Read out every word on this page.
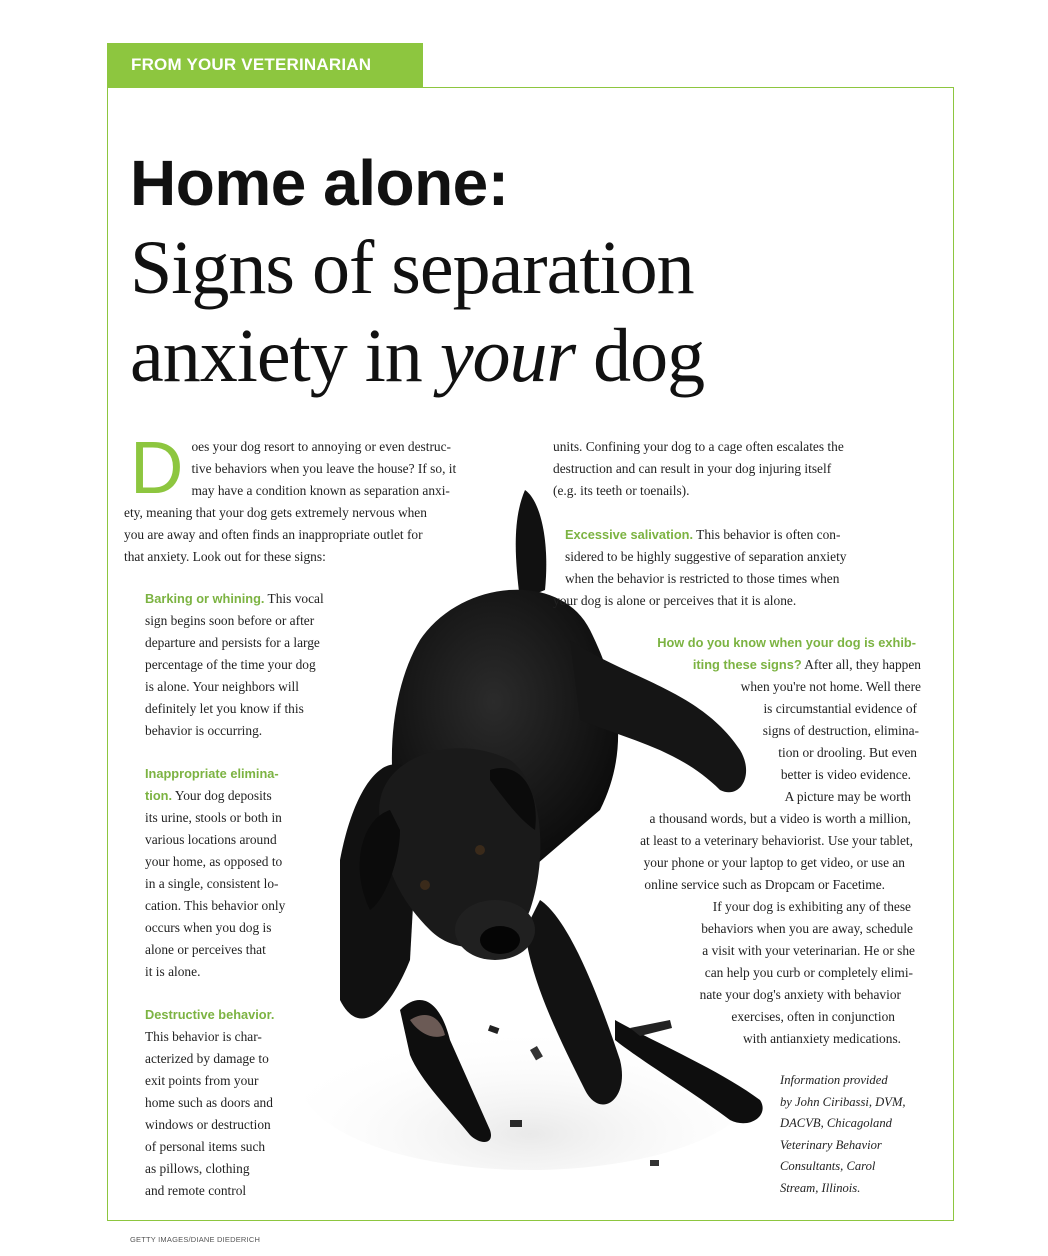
FROM YOUR VETERINARIAN
Home alone:
Signs of separation
anxiety in your dog
D oes your dog resort to annoying or even destruc-
tive behaviors when you leave the house? If so, it
may have a condition known as separation anxi-
ety, meaning that your dog gets extremely nervous when
you are away and often finds an inappropriate outlet for
that anxiety. Look out for these signs:
Barking or whining. This vocal
sign begins soon before or after
departure and persists for a large
percentage of the time your dog
is alone. Your neighbors will
definitely let you know if this
behavior is occurring.
Inappropriate elimina-
tion. Your dog deposits
its urine, stools or both in
various locations around
your home, as opposed to
in a single, consistent lo-
cation. This behavior only
occurs when you dog is
alone or perceives that
it is alone.
Destructive behavior.
This behavior is char-
acterized by damage to
exit points from your
home such as doors and
windows or destruction
of personal items such
as pillows, clothing
and remote control
units. Confining your dog to a cage often escalates the
destruction and can result in your dog injuring itself
(e.g. its teeth or toenails).
Excessive salivation. This behavior is often con-
sidered to be highly suggestive of separation anxiety
when the behavior is restricted to those times when
your dog is alone or perceives that it is alone.
How do you know when your dog is exhib-
iting these signs? After all, they happen
when you're not home. Well there
is circumstantial evidence of
signs of destruction, elimina-
tion or drooling. But even
better is video evidence.
A picture may be worth
a thousand words, but a video is worth a million,
at least to a veterinary behaviorist. Use your tablet,
your phone or your laptop to get video, or use an
online service such as Dropcam or Facetime.
If your dog is exhibiting any of these
behaviors when you are away, schedule
a visit with your veterinarian. He or she
can help you curb or completely elimi-
nate your dog's anxiety with behavior
exercises, often in conjunction
with antianxiety medications.
Information provided
by John Ciribassi, DVM,
DACVB, Chicagoland
Veterinary Behavior
Consultants, Carol
Stream, Illinois.
GETTY IMAGES/DIANE DIEDERICH
